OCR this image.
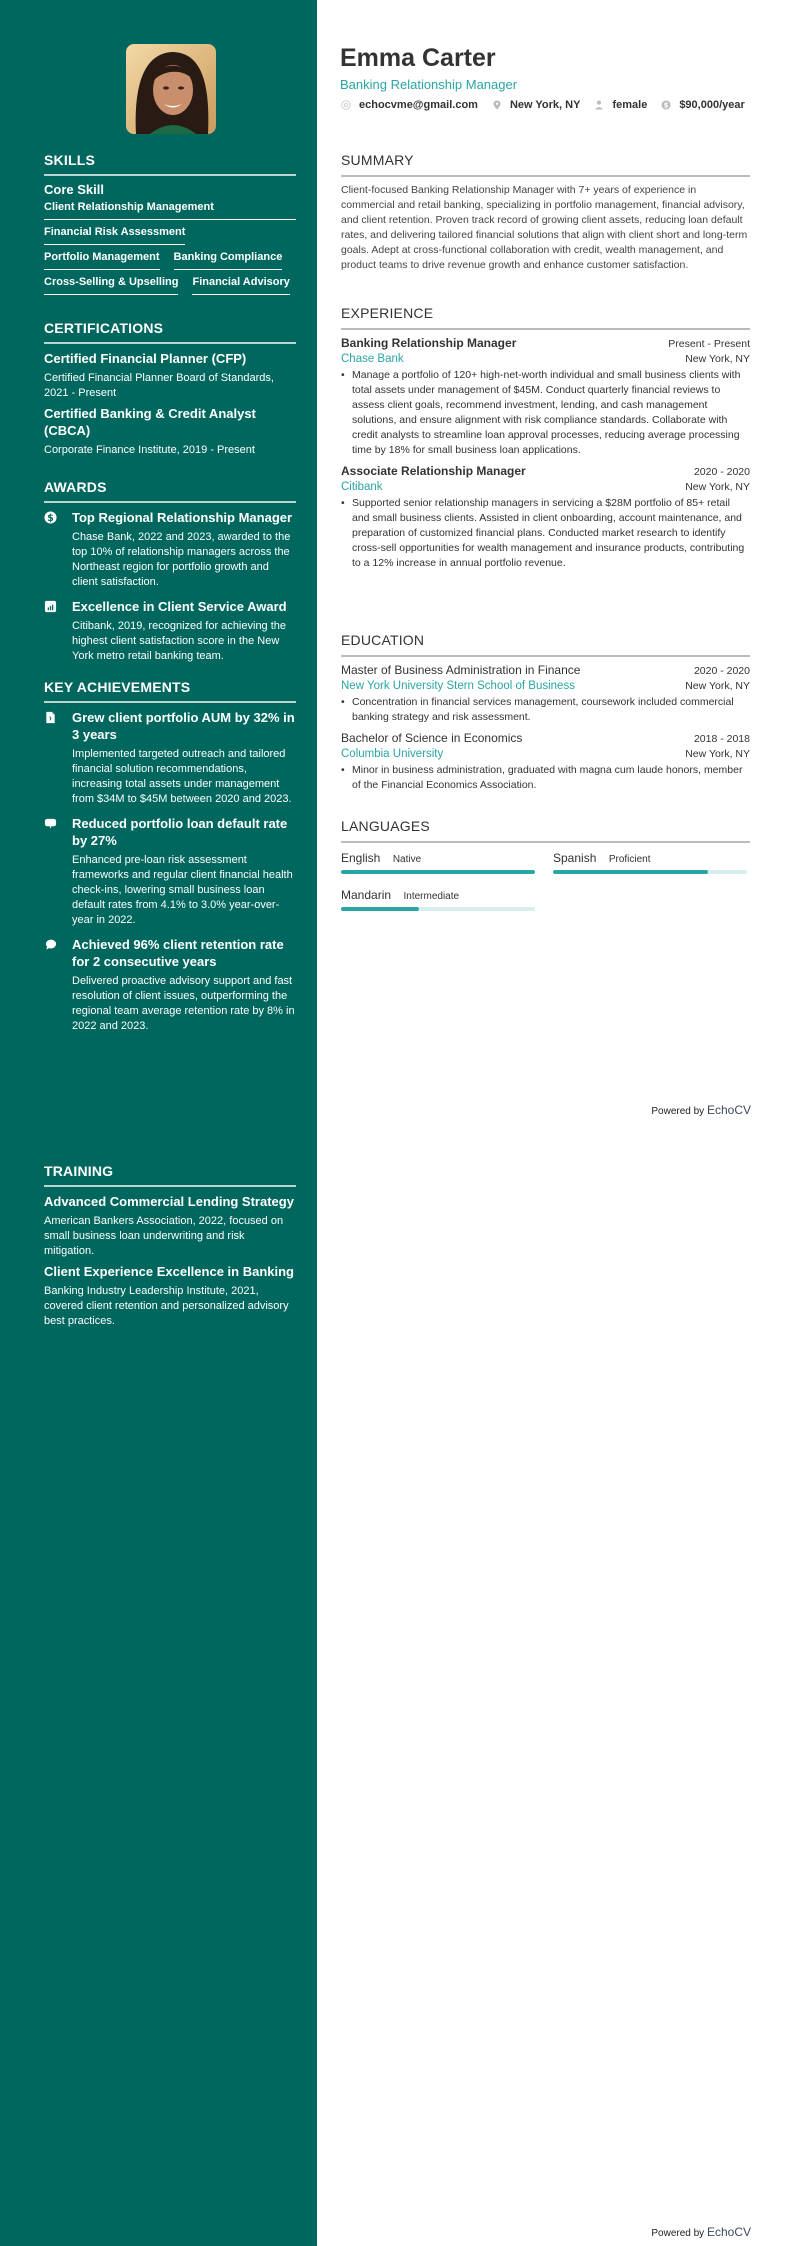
SKILLS
Core Skill
Client Relationship Management
Financial Risk Assessment
Portfolio Management Banking Compliance
Cross-Selling & Upselling Financial Advisory
CERTIFICATIONS
Certified Financial Planner (CFP)
Certified Financial Planner Board of Standards, 2021 - Present
Certified Banking & Credit Analyst (CBCA)
Corporate Finance Institute, 2019 - Present
AWARDS
$ Top Regional Relationship Manager
Chase Bank, 2022 and 2023, awarded to the top 10% of relationship managers across the Northeast region for portfolio growth and client satisfaction.
Excellence in Client Service Award
Citibank, 2019, recognized for achieving the highest client satisfaction score in the New York metro retail banking team.
KEY ACHIEVEMENTS
Grew client portfolio AUM by 32% in 3 years
Implemented targeted outreach and tailored financial solution recommendations, increasing total assets under management from $34M to $45M between 2020 and 2023.
Reduced portfolio loan default rate by 27%
Enhanced pre-loan risk assessment frameworks and regular client financial health check-ins, lowering small business loan default rates from 4.1% to 3.0% year-over-year in 2022.
Achieved 96% client retention rate for 2 consecutive years
Delivered proactive advisory support and fast resolution of client issues, outperforming the regional team average retention rate by 8% in 2022 and 2023.
TRAINING
Advanced Commercial Lending Strategy
American Bankers Association, 2022, focused on small business loan underwriting and risk mitigation.
Client Experience Excellence in Banking
Banking Industry Leadership Institute, 2021, covered client retention and personalized advisory best practices.
Emma Carter
Banking Relationship Manager
echocvme@gmail.com	New York, NY	female $ $90,000/year
SUMMARY
Client-focused Banking Relationship Manager with 7+ years of experience in commercial and retail banking, specializing in portfolio management, financial advisory, and client retention. Proven track record of growing client assets, reducing loan default rates, and delivering tailored financial solutions that align with client short and long-term goals. Adept at cross-functional collaboration with credit, wealth management, and product teams to drive revenue growth and enhance customer satisfaction.
EXPERIENCE
Banking Relationship Manager	Present - Present
Chase Bank	New York, NY
• Manage a portfolio of 120+ high-net-worth individual and small business clients with total assets under management of $45M. Conduct quarterly financial reviews to assess client goals, recommend investment, lending, and cash management solutions, and ensure alignment with risk compliance standards. Collaborate with credit analysts to streamline loan approval processes, reducing average processing time by 18% for small business loan applications.
Associate Relationship Manager	2020 - 2020
Citibank	New York, NY
• Supported senior relationship managers in servicing a $28M portfolio of 85+ retail and small business clients. Assisted in client onboarding, account maintenance, and preparation of customized financial plans. Conducted market research to identify cross-sell opportunities for wealth management and insurance products, contributing to a 12% increase in annual portfolio revenue.
EDUCATION
Master of Business Administration in Finance	2020 - 2020
New York University Stern School of Business	New York, NY
• Concentration in financial services management, coursework included commercial banking strategy and risk assessment.
Bachelor of Science in Economics	2018 - 2018
Columbia University	New York, NY
• Minor in business administration, graduated with magna cum laude honors, member of the Financial Economics Association.
LANGUAGES
English Native	Spanish Proficient
Mandarin Intermediate
Powered by EchoCV
Powered by EchoCV
